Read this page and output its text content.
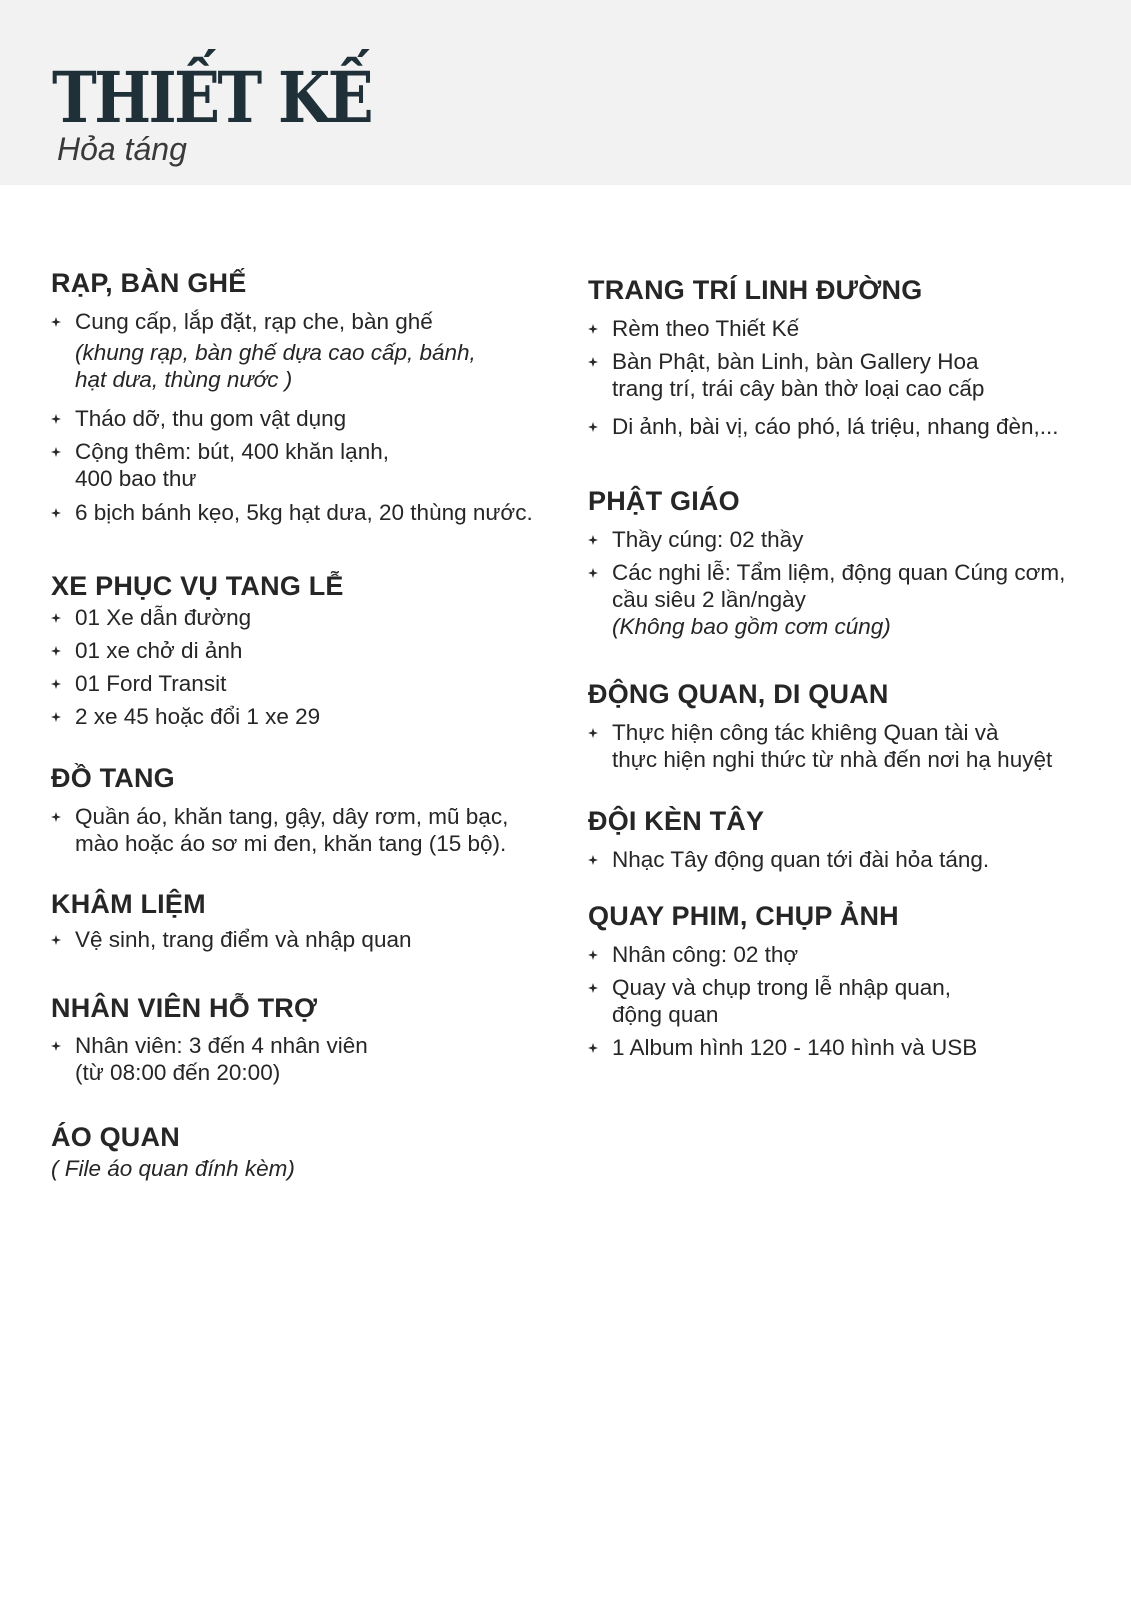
THIẾT KẾ
Hỏa táng
RẠP, BÀN GHẾ
Cung cấp, lắp đặt, rạp che, bàn ghế
(khung rạp, bàn ghế dựa cao cấp, bánh,
hạt dưa, thùng nước )
Tháo dỡ, thu gom vật dụng
Cộng thêm: bút, 400 khăn lạnh,
400 bao thư
6 bịch bánh kẹo, 5kg hạt dưa, 20 thùng nước.
XE PHỤC VỤ TANG LỄ
01 Xe dẫn đường
01 xe chở di ảnh
01 Ford Transit
2 xe 45 hoặc đổi 1 xe 29
ĐỒ TANG
Quần áo, khăn tang, gậy, dây rơm, mũ bạc,
mào hoặc áo sơ mi đen, khăn tang (15 bộ).
KHÂM LIỆM
Vệ sinh, trang điểm và nhập quan
NHÂN VIÊN HỖ TRỢ
Nhân viên: 3 đến 4 nhân viên
(từ 08:00 đến 20:00)
ÁO QUAN
( File áo quan đính kèm)
TRANG TRÍ LINH ĐƯỜNG
Rèm theo Thiết Kế
Bàn Phật, bàn Linh, bàn Gallery Hoa
trang trí, trái cây bàn thờ loại cao cấp
Di ảnh, bài vị, cáo phó, lá triệu, nhang đèn,...
PHẬT GIÁO
Thầy cúng: 02 thầy
Các nghi lễ: Tẩm liệm, động quan Cúng cơm,
cầu siêu 2 lần/ngày
(Không bao gồm cơm cúng)
ĐỘNG QUAN, DI QUAN
Thực hiện công tác khiêng Quan tài và
thực hiện nghi thức từ nhà đến nơi hạ huyệt
ĐỘI KÈN TÂY
Nhạc Tây động quan tới đài hỏa táng.
QUAY PHIM, CHỤP ẢNH
Nhân công: 02 thợ
Quay và chụp trong lễ nhập quan,
động quan
1 Album hình 120 - 140 hình và USB
